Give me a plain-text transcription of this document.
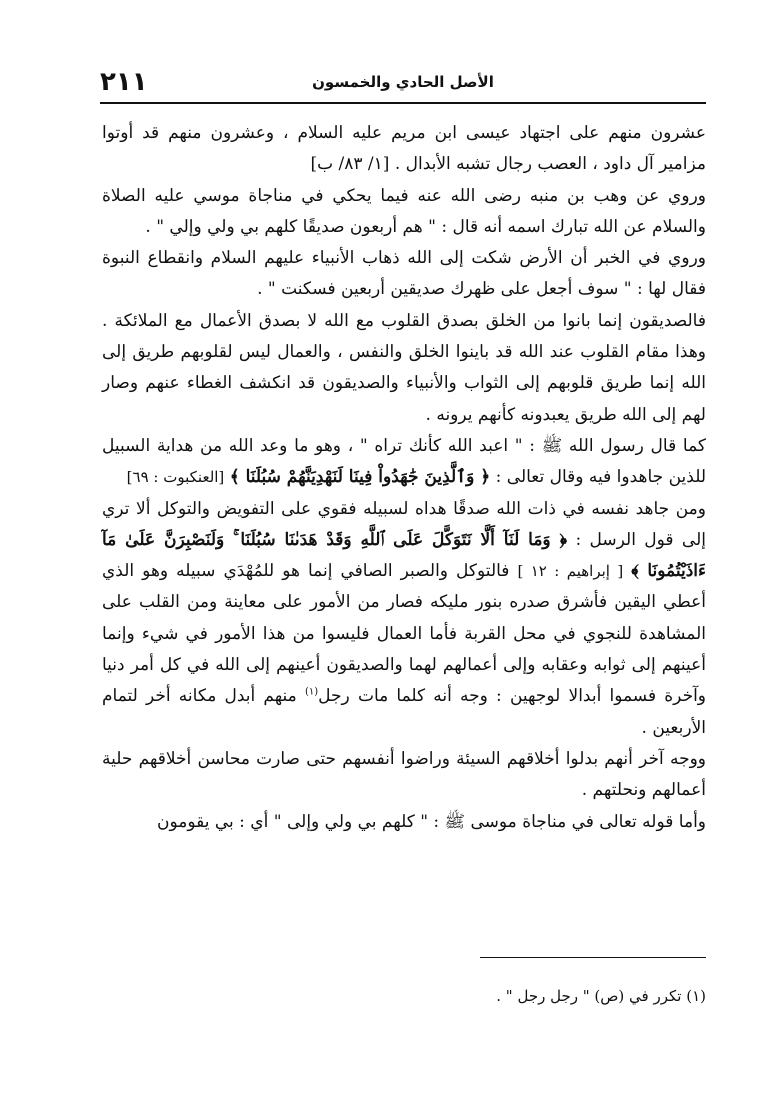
٢١١	الأصل الحادي والخمسون

عشرون منهم على اجتهاد عيسى ابن مريم عليه السلام ، وعشرون منهم قد أوتوا مزامير آل داود ، العصب رجال تشبه الأبدال . [١/ ٨٣/ ب]

وروي عن وهب بن منبه رضى الله عنه فيما يحكي في مناجاة موسي عليه الصلاة والسلام عن الله تبارك اسمه أنه قال : " هم أربعون صديقًا كلهم بي ولي وإلي " .

وروي في الخبر أن الأرض شكت إلى الله ذهاب الأنبياء عليهم السلام وانقطاع النبوة فقال لها : " سوف أجعل على ظهرك صديقين أربعين فسكنت " .

فالصديقون إنما بانوا من الخلق بصدق القلوب مع الله لا بصدق الأعمال مع الملائكة . وهذا مقام القلوب عند الله قد باينوا الخلق والنفس ، والعمال ليس لقلوبهم طريق إلى الله إنما طريق قلوبهم إلى الثواب والأنبياء والصديقون قد انكشف الغطاء عنهم وصار لهم إلى الله طريق يعبدونه كأنهم يرونه .

كما قال رسول الله ﷺ : " اعبد الله كأنك تراه " ، وهو ما وعد الله من هداية السبيل للذين جاهدوا فيه وقال تعالى : ﴿ وَٱلَّذِينَ جَٰهَدُواْ فِينَا لَنَهْدِيَنَّهُمْ سُبُلَنَا ﴾ [العنكبوت : ٦٩]

ومن جاهد نفسه في ذات الله صدقًا هداه لسبيله فقوي على التفويض والتوكل ألا تري إلى قول الرسل : ﴿ وَمَا لَنَآ أَلَّا نَتَوَكَّلَ عَلَى ٱللَّهِ وَقَدْ هَدَىٰنَا سُبُلَنَا ۚ وَلَنَصْبِرَنَّ عَلَىٰ مَآ ءَاذَيْتُمُونَا ﴾ [ إبراهيم : ١٢ ] فالتوكل والصبر الصافي إنما هو للمُهْدَي سبيله وهو الذي أعطي اليقين فأشرق صدره بنور مليكه فصار من الأمور على معاينة ومن القلب على المشاهدة للنجوي في محل القربة فأما العمال فليسوا من هذا الأمور في شيء وإنما أعينهم إلى ثوابه وعقابه وإلى أعمالهم لهما والصديقون أعينهم إلى الله في كل أمر دنيا وآخرة فسموا أبدالا لوجهين : وجه أنه كلما مات رجل$^{(١)}$ منهم أبدل مكانه أخر لتمام الأربعين .

ووجه آخر أنهم بدلوا أخلاقهم السيئة وراضوا أنفسهم حتى صارت محاسن أخلاقهم حلية أعمالهم ونحلتهم .

وأما قوله تعالى في مناجاة موسى ﷺ : " كلهم بي ولي وإلى " أي : بي يقومون

(١) تكرر في (ص) " رجل رجل " .
